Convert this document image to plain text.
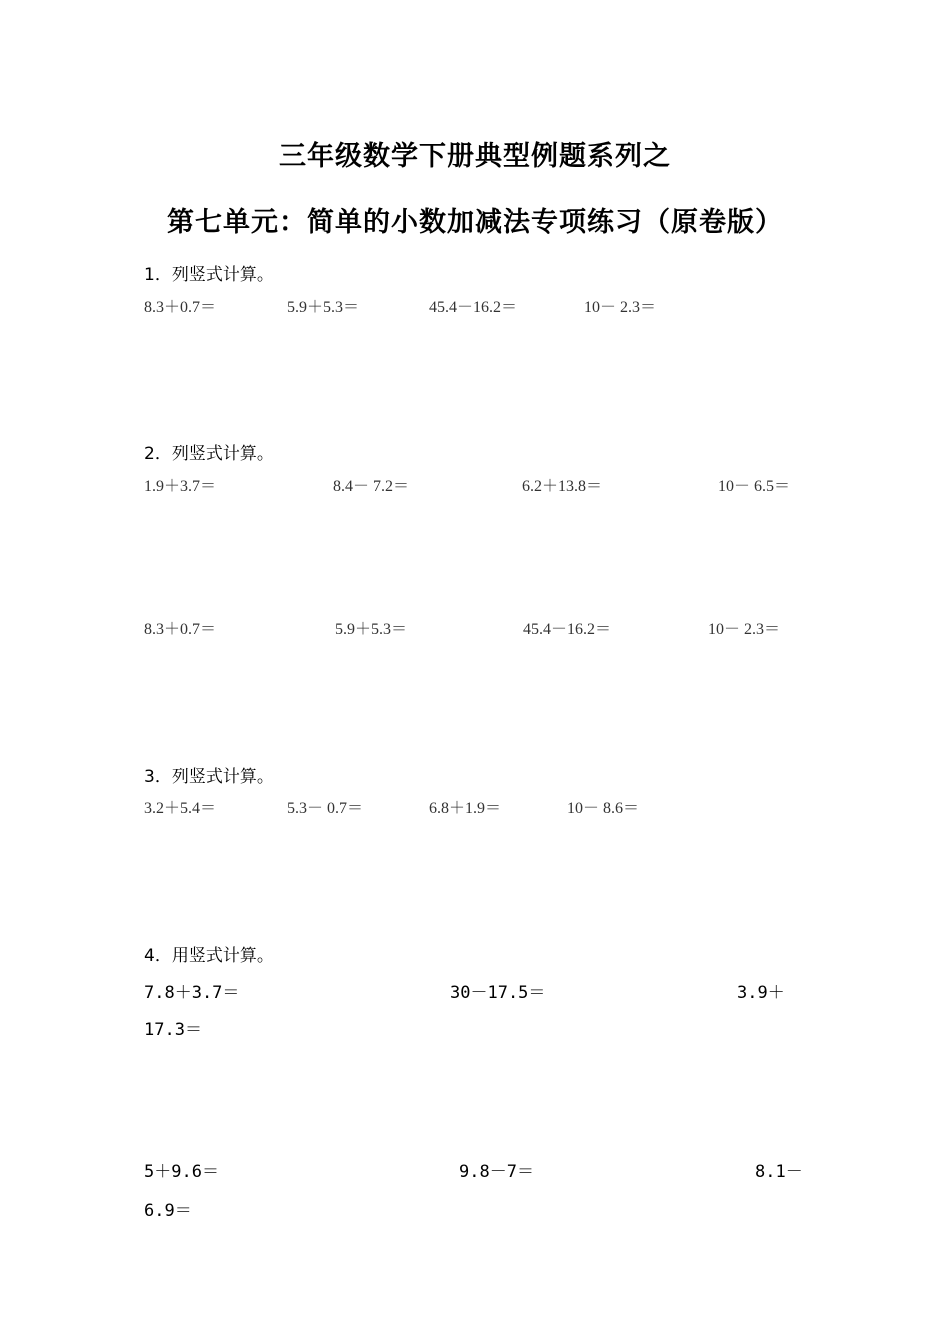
三年级数学下册典型例题系列之
第七单元：简单的小数加减法专项练习（原卷版）
1．列竖式计算。
8.3＋0.7＝	5.9＋5.3＝	45.4－16.2＝	10－ 2.3＝
2．列竖式计算。
1.9＋3.7＝	8.4－ 7.2＝	6.2＋13.8＝	10－ 6.5＝
8.3＋0.7＝	5.9＋5.3＝	45.4－16.2＝	10－ 2.3＝
3．列竖式计算。
3.2＋5.4＝	5.3－ 0.7＝	6.8＋1.9＝	10－ 8.6＝
4．用竖式计算。
7.8＋3.7＝	30－17.5＝	3.9＋
17.3＝
5＋9.6＝	9.8－7＝	8.1－
6.9＝
